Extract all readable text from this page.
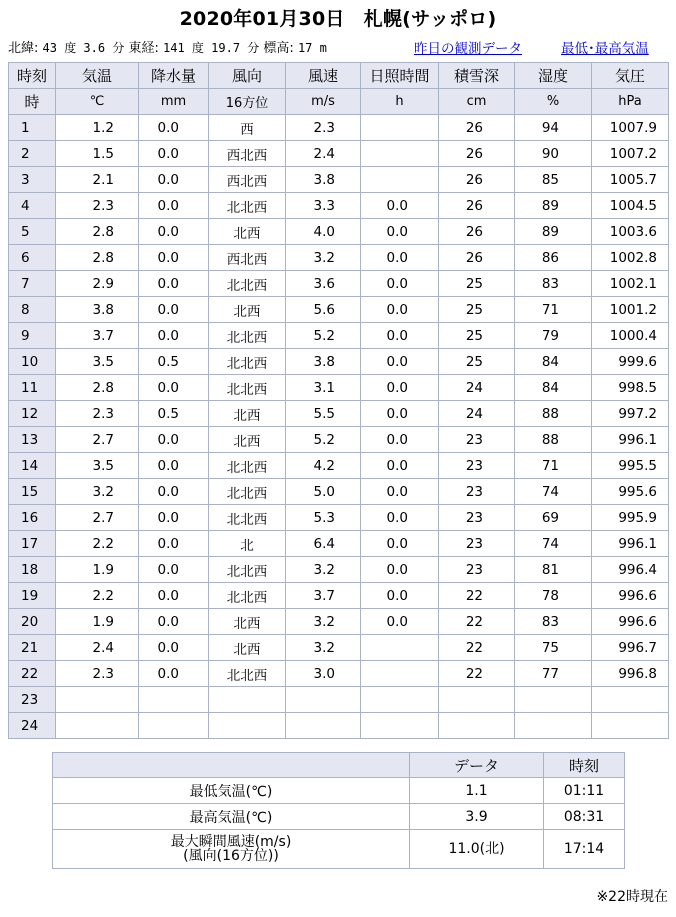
2020年01月30日　札幌(サッポロ)
北緯: 43 度 3.6 分 東経: 141 度 19.7 分 標高: 17 m	昨日の観測データ	最低･最高気温
時刻	気温	降水量	風向	風速	日照時間	積雪深	湿度	気圧
時	℃	mm	16方位	m/s	h	cm	%	hPa
1	1.2	0.0	西	2.3		26	94	1007.9
2	1.5	0.0	西北西	2.4		26	90	1007.2
3	2.1	0.0	西北西	3.8		26	85	1005.7
4	2.3	0.0	北北西	3.3	0.0	26	89	1004.5
5	2.8	0.0	北西	4.0	0.0	26	89	1003.6
6	2.8	0.0	西北西	3.2	0.0	26	86	1002.8
7	2.9	0.0	北北西	3.6	0.0	25	83	1002.1
8	3.8	0.0	北西	5.6	0.0	25	71	1001.2
9	3.7	0.0	北北西	5.2	0.0	25	79	1000.4
10	3.5	0.5	北北西	3.8	0.0	25	84	999.6
11	2.8	0.0	北北西	3.1	0.0	24	84	998.5
12	2.3	0.5	北西	5.5	0.0	24	88	997.2
13	2.7	0.0	北西	5.2	0.0	23	88	996.1
14	3.5	0.0	北北西	4.2	0.0	23	71	995.5
15	3.2	0.0	北北西	5.0	0.0	23	74	995.6
16	2.7	0.0	北北西	5.3	0.0	23	69	995.9
17	2.2	0.0	北	6.4	0.0	23	74	996.1
18	1.9	0.0	北北西	3.2	0.0	23	81	996.4
19	2.2	0.0	北北西	3.7	0.0	22	78	996.6
20	1.9	0.0	北西	3.2	0.0	22	83	996.6
21	2.4	0.0	北西	3.2		22	75	996.7
22	2.3	0.0	北北西	3.0		22	77	996.8
23								
24								
	データ	時刻
最低気温(℃)	1.1	01:11
最高気温(℃)	3.9	08:31

最大瞬間風速(m/s)
(風向(16方位))	11.0(北)	17:14
※22時現在
